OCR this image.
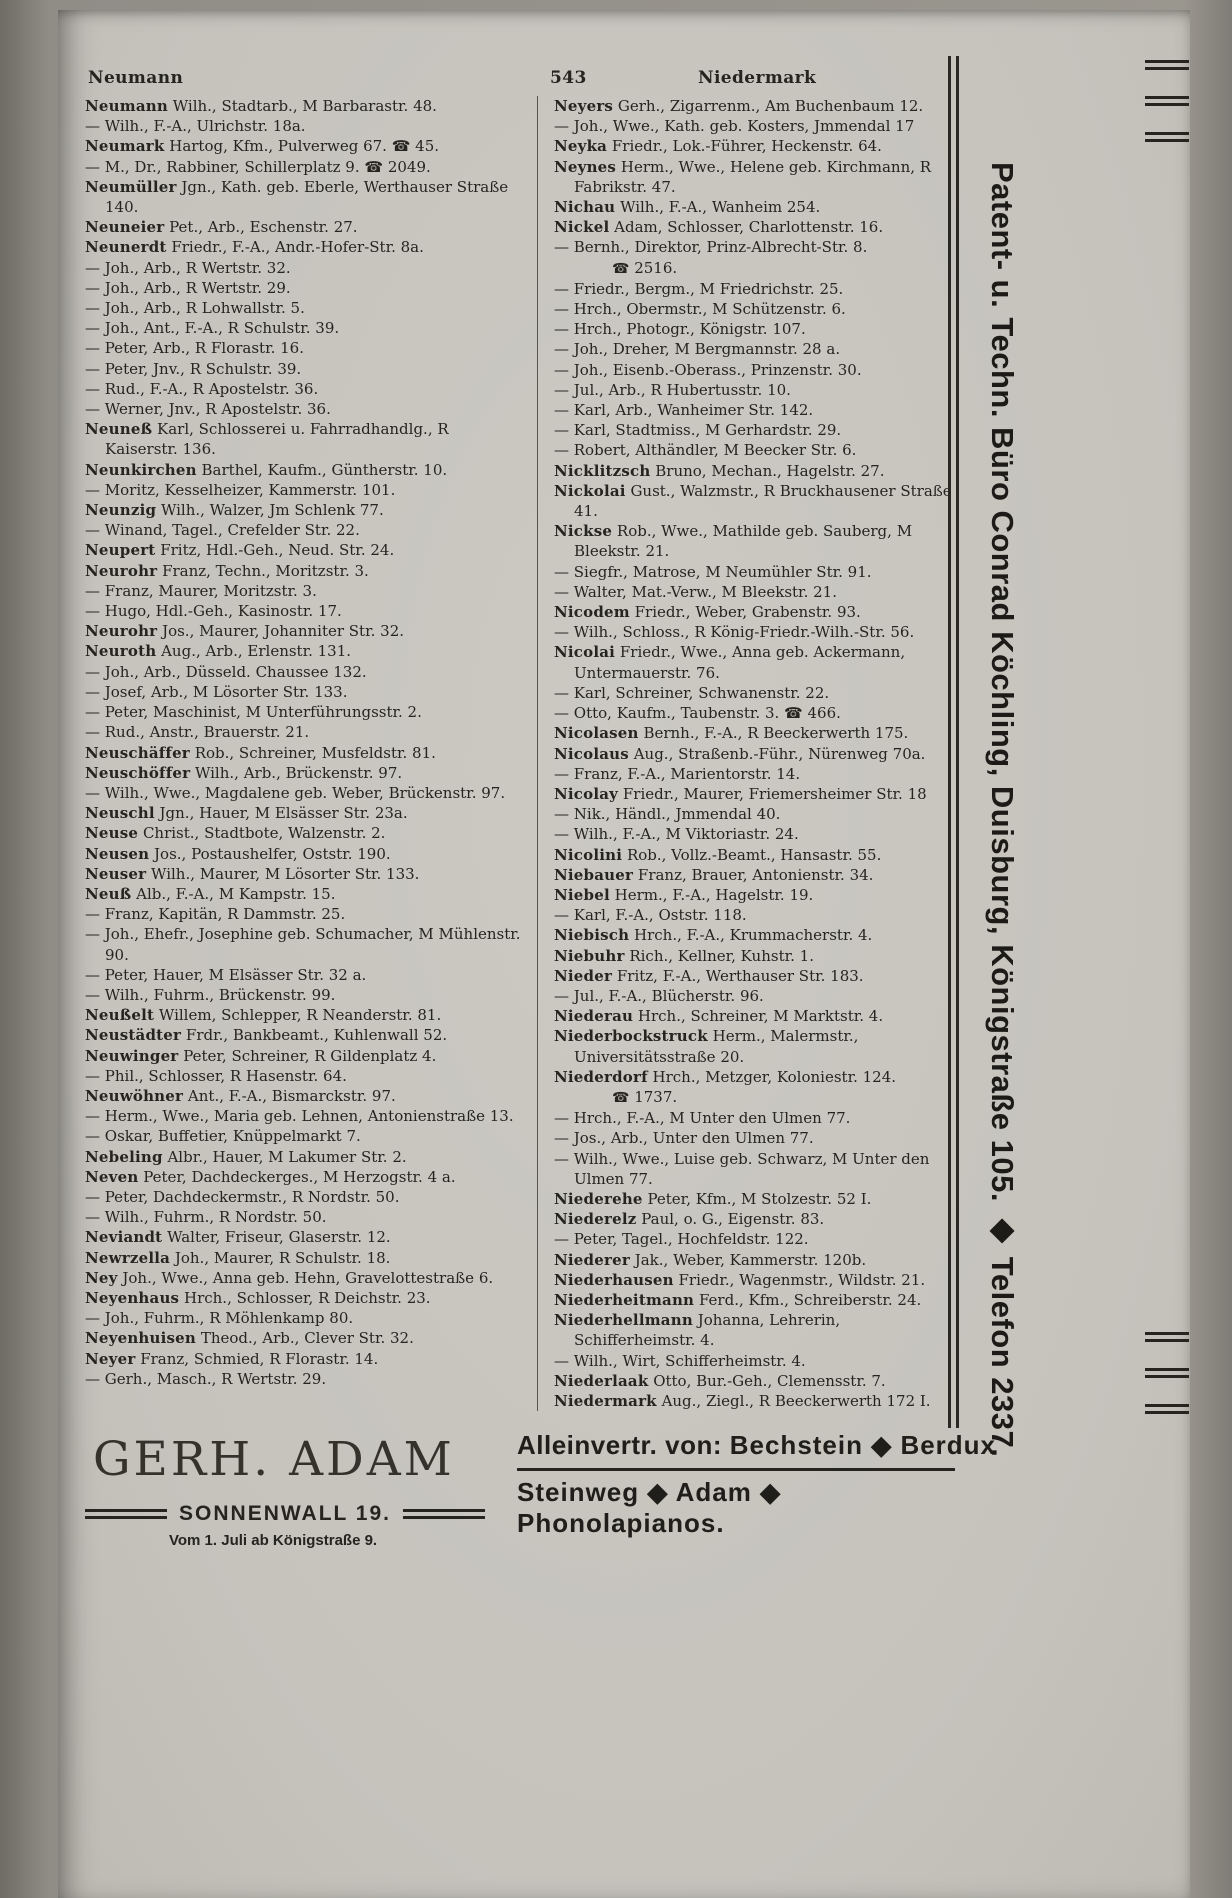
Neumann	543	Niedermark
Neumann Wilh., Stadtarb., M Barbarastr. 48.
— Wilh., F.-A., Ulrichstr. 18a.
Neumark Hartog, Kfm., Pulverweg 67. ☎ 45.
— M., Dr., Rabbiner, Schillerplatz 9. ☎ 2049.
Neumüller Jgn., Kath. geb. Eberle, Werthauser Straße 140.
Neuneier Pet., Arb., Eschenstr. 27.
Neunerdt Friedr., F.-A., Andr.-Hofer-Str. 8a.
— Joh., Arb., R Wertstr. 32.
— Joh., Arb., R Wertstr. 29.
— Joh., Arb., R Lohwallstr. 5.
— Joh., Ant., F.-A., R Schulstr. 39.
— Peter, Arb., R Florastr. 16.
— Peter, Jnv., R Schulstr. 39.
— Rud., F.-A., R Apostelstr. 36.
— Werner, Jnv., R Apostelstr. 36.
Neuneß Karl, Schlosserei u. Fahrradhandlg., R Kaiserstr. 136.
Neunkirchen Barthel, Kaufm., Güntherstr. 10.
— Moritz, Kesselheizer, Kammerstr. 101.
Neunzig Wilh., Walzer, Jm Schlenk 77.
— Winand, Tagel., Crefelder Str. 22.
Neupert Fritz, Hdl.-Geh., Neud. Str. 24.
Neurohr Franz, Techn., Moritzstr. 3.
— Franz, Maurer, Moritzstr. 3.
— Hugo, Hdl.-Geh., Kasinostr. 17.
Neurohr Jos., Maurer, Johanniter Str. 32.
Neuroth Aug., Arb., Erlenstr. 131.
— Joh., Arb., Düsseld. Chaussee 132.
— Josef, Arb., M Lösorter Str. 133.
— Peter, Maschinist, M Unterführungsstr. 2.
— Rud., Anstr., Brauerstr. 21.
Neuschäffer Rob., Schreiner, Musfeldstr. 81.
Neuschöffer Wilh., Arb., Brückenstr. 97.
— Wilh., Wwe., Magdalene geb. Weber, Brückenstr. 97.
Neuschl Jgn., Hauer, M Elsässer Str. 23a.
Neuse Christ., Stadtbote, Walzenstr. 2.
Neusen Jos., Postaushelfer, Oststr. 190.
Neuser Wilh., Maurer, M Lösorter Str. 133.
Neuß Alb., F.-A., M Kampstr. 15.
— Franz, Kapitän, R Dammstr. 25.
— Joh., Ehefr., Josephine geb. Schumacher, M Mühlenstr. 90.
— Peter, Hauer, M Elsässer Str. 32 a.
— Wilh., Fuhrm., Brückenstr. 99.
Neußelt Willem, Schlepper, R Neanderstr. 81.
Neustädter Frdr., Bankbeamt., Kuhlenwall 52.
Neuwinger Peter, Schreiner, R Gildenplatz 4.
— Phil., Schlosser, R Hasenstr. 64.
Neuwöhner Ant., F.-A., Bismarckstr. 97.
— Herm., Wwe., Maria geb. Lehnen, Antonienstraße 13.
— Oskar, Buffetier, Knüppelmarkt 7.
Nebeling Albr., Hauer, M Lakumer Str. 2.
Neven Peter, Dachdeckerges., M Herzogstr. 4 a.
— Peter, Dachdeckermstr., R Nordstr. 50.
— Wilh., Fuhrm., R Nordstr. 50.
Neviandt Walter, Friseur, Glaserstr. 12.
Newrzella Joh., Maurer, R Schulstr. 18.
Ney Joh., Wwe., Anna geb. Hehn, Gravelottestraße 6.
Neyenhaus Hrch., Schlosser, R Deichstr. 23.
— Joh., Fuhrm., R Möhlenkamp 80.
Neyenhuisen Theod., Arb., Clever Str. 32.
Neyer Franz, Schmied, R Florastr. 14.
— Gerh., Masch., R Wertstr. 29.
Neyers Gerh., Zigarrenm., Am Buchenbaum 12.
— Joh., Wwe., Kath. geb. Kosters, Jmmendal 17
Neyka Friedr., Lok.-Führer, Heckenstr. 64.
Neynes Herm., Wwe., Helene geb. Kirchmann, R Fabrikstr. 47.
Nichau Wilh., F.-A., Wanheim 254.
Nickel Adam, Schlosser, Charlottenstr. 16.
— Bernh., Direktor, Prinz-Albrecht-Str. 8.
☎ 2516.
— Friedr., Bergm., M Friedrichstr. 25.
— Hrch., Obermstr., M Schützenstr. 6.
— Hrch., Photogr., Königstr. 107.
— Joh., Dreher, M Bergmannstr. 28 a.
— Joh., Eisenb.-Oberass., Prinzenstr. 30.
— Jul., Arb., R Hubertusstr. 10.
— Karl, Arb., Wanheimer Str. 142.
— Karl, Stadtmiss., M Gerhardstr. 29.
— Robert, Althändler, M Beecker Str. 6.
Nicklitzsch Bruno, Mechan., Hagelstr. 27.
Nickolai Gust., Walzmstr., R Bruckhausener Straße 41.
Nickse Rob., Wwe., Mathilde geb. Sauberg, M Bleekstr. 21.
— Siegfr., Matrose, M Neumühler Str. 91.
— Walter, Mat.-Verw., M Bleekstr. 21.
Nicodem Friedr., Weber, Grabenstr. 93.
— Wilh., Schloss., R König-Friedr.-Wilh.-Str. 56.
Nicolai Friedr., Wwe., Anna geb. Ackermann, Untermauerstr. 76.
— Karl, Schreiner, Schwanenstr. 22.
— Otto, Kaufm., Taubenstr. 3. ☎ 466.
Nicolasen Bernh., F.-A., R Beeckerwerth 175.
Nicolaus Aug., Straßenb.-Führ., Nürenweg 70a.
— Franz, F.-A., Marientorstr. 14.
Nicolay Friedr., Maurer, Friemersheimer Str. 18
— Nik., Händl., Jmmendal 40.
— Wilh., F.-A., M Viktoriastr. 24.
Nicolini Rob., Vollz.-Beamt., Hansastr. 55.
Niebauer Franz, Brauer, Antonienstr. 34.
Niebel Herm., F.-A., Hagelstr. 19.
— Karl, F.-A., Oststr. 118.
Niebisch Hrch., F.-A., Krummacherstr. 4.
Niebuhr Rich., Kellner, Kuhstr. 1.
Nieder Fritz, F.-A., Werthauser Str. 183.
— Jul., F.-A., Blücherstr. 96.
Niederau Hrch., Schreiner, M Marktstr. 4.
Niederbockstruck Herm., Malermstr., Universitätsstraße 20.
Niederdorf Hrch., Metzger, Koloniestr. 124.
☎ 1737.
— Hrch., F.-A., M Unter den Ulmen 77.
— Jos., Arb., Unter den Ulmen 77.
— Wilh., Wwe., Luise geb. Schwarz, M Unter den Ulmen 77.
Niederehe Peter, Kfm., M Stolzestr. 52 I.
Niederelz Paul, o. G., Eigenstr. 83.
— Peter, Tagel., Hochfeldstr. 122.
Niederer Jak., Weber, Kammerstr. 120b.
Niederhausen Friedr., Wagenmstr., Wildstr. 21.
Niederheitmann Ferd., Kfm., Schreiberstr. 24.
Niederhellmann Johanna, Lehrerin, Schifferheimstr. 4.
— Wilh., Wirt, Schifferheimstr. 4.
Niederlaak Otto, Bur.-Geh., Clemensstr. 7.
Niedermark Aug., Ziegl., R Beeckerwerth 172 I.	Patent- u. Techn. Büro Conrad Köchling, Duisburg, Königstraße 105. ◆ Telefon 2337.
GERH. ADAM
SONNENWALL 19.
Vom 1. Juli ab Königstraße 9.
Alleinvertr. von: Bechstein ◆ Berdux
Steinweg ◆ Adam ◆ Phonolapianos.
